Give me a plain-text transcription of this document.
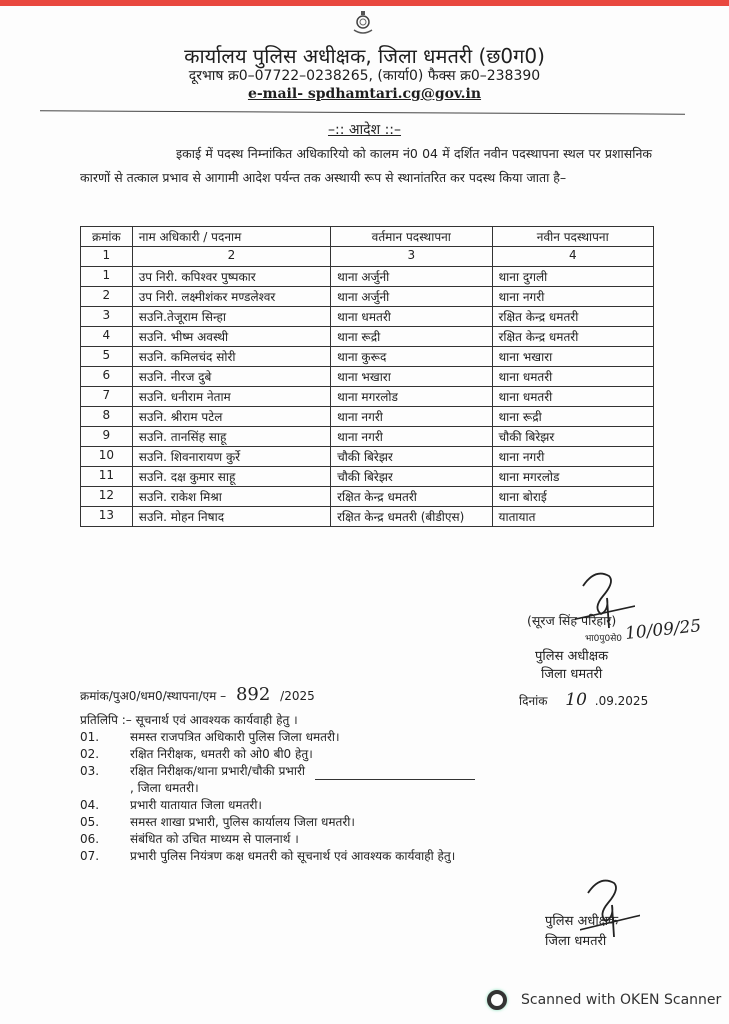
कार्यालय पुलिस अधीक्षक, जिला धमतरी (छ0ग0)
दूरभाष क्र0–07722–0238265, (कार्या0) फैक्स क्र0–238390
e-mail- spdhamtari.cg@gov.in
–:: आदेश ::–
इकाई में पदस्थ निम्नांकित अधिकारियो को कालम नं0 04 में दर्शित नवीन पदस्थापना स्थल पर प्रशासनिक कारणों से तत्काल प्रभाव से आगामी आदेश पर्यन्त तक अस्थायी रूप से स्थानांतरित कर पदस्थ किया जाता है–
क्रमांक	नाम अधिकारी / पदनाम	वर्तमान पदस्थापना	नवीन पदस्थापना
1	2	3	4
1	उप निरी. कपिश्वर पुष्पकार	थाना अर्जुनी	थाना दुगली
2	उप निरी. लक्ष्मीशंकर मण्डलेश्वर	थाना अर्जुनी	थाना नगरी
3	सउनि.तेजूराम सिन्हा	थाना धमतरी	रक्षित केन्द्र धमतरी
4	सउनि. भीष्म अवस्थी	थाना रूद्री	रक्षित केन्द्र धमतरी
5	सउनि. कमिलचंद सोरी	थाना कुरूद	थाना भखारा
6	सउनि. नीरज दुबे	थाना भखारा	थाना धमतरी
7	सउनि. धनीराम नेताम	थाना मगरलोड	थाना धमतरी
8	सउनि. श्रीराम पटेल	थाना नगरी	थाना रूद्री
9	सउनि. तानसिंह साहू	थाना नगरी	चौकी बिरेझर
10	सउनि. शिवनारायण कुर्रे	चौकी बिरेझर	थाना नगरी
11	सउनि. दक्ष कुमार साहू	चौकी बिरेझर	थाना मगरलोड
12	सउनि. राकेश मिश्रा	रक्षित केन्द्र धमतरी	थाना बोराई
13	सउनि. मोहन निषाद	रक्षित केन्द्र धमतरी (बीडीएस)	यातायात
(सूरज सिंह परिहार)
भा0पु0से0
पुलिस अधीक्षक
जिला धमतरी
10/09/25
क्रमांक/पुअ0/धम0/स्थापना/एम – 892 /2025	दिनांक 10 .09.2025
प्रतिलिपि :– सूचनार्थ एवं आवश्यक कार्यवाही हेतु ।
01.	समस्त राजपत्रित अधिकारी पुलिस जिला धमतरी।
02.	रक्षित निरीक्षक, धमतरी को ओ0 बी0 हेतु।
03.	रक्षित निरीक्षक/थाना प्रभारी/चौकी प्रभारी
, जिला धमतरी।
04.	प्रभारी यातायात जिला धमतरी।
05.	समस्त शाखा प्रभारी, पुलिस कार्यालय जिला धमतरी।
06.	संबंधित को उचित माध्यम से पालनार्थ ।
07.	प्रभारी पुलिस नियंत्रण कक्ष धमतरी को सूचनार्थ एवं आवश्यक कार्यवाही हेतु।
पुलिस अधीक्षक
जिला धमतरी
Scanned with OKEN Scanner
